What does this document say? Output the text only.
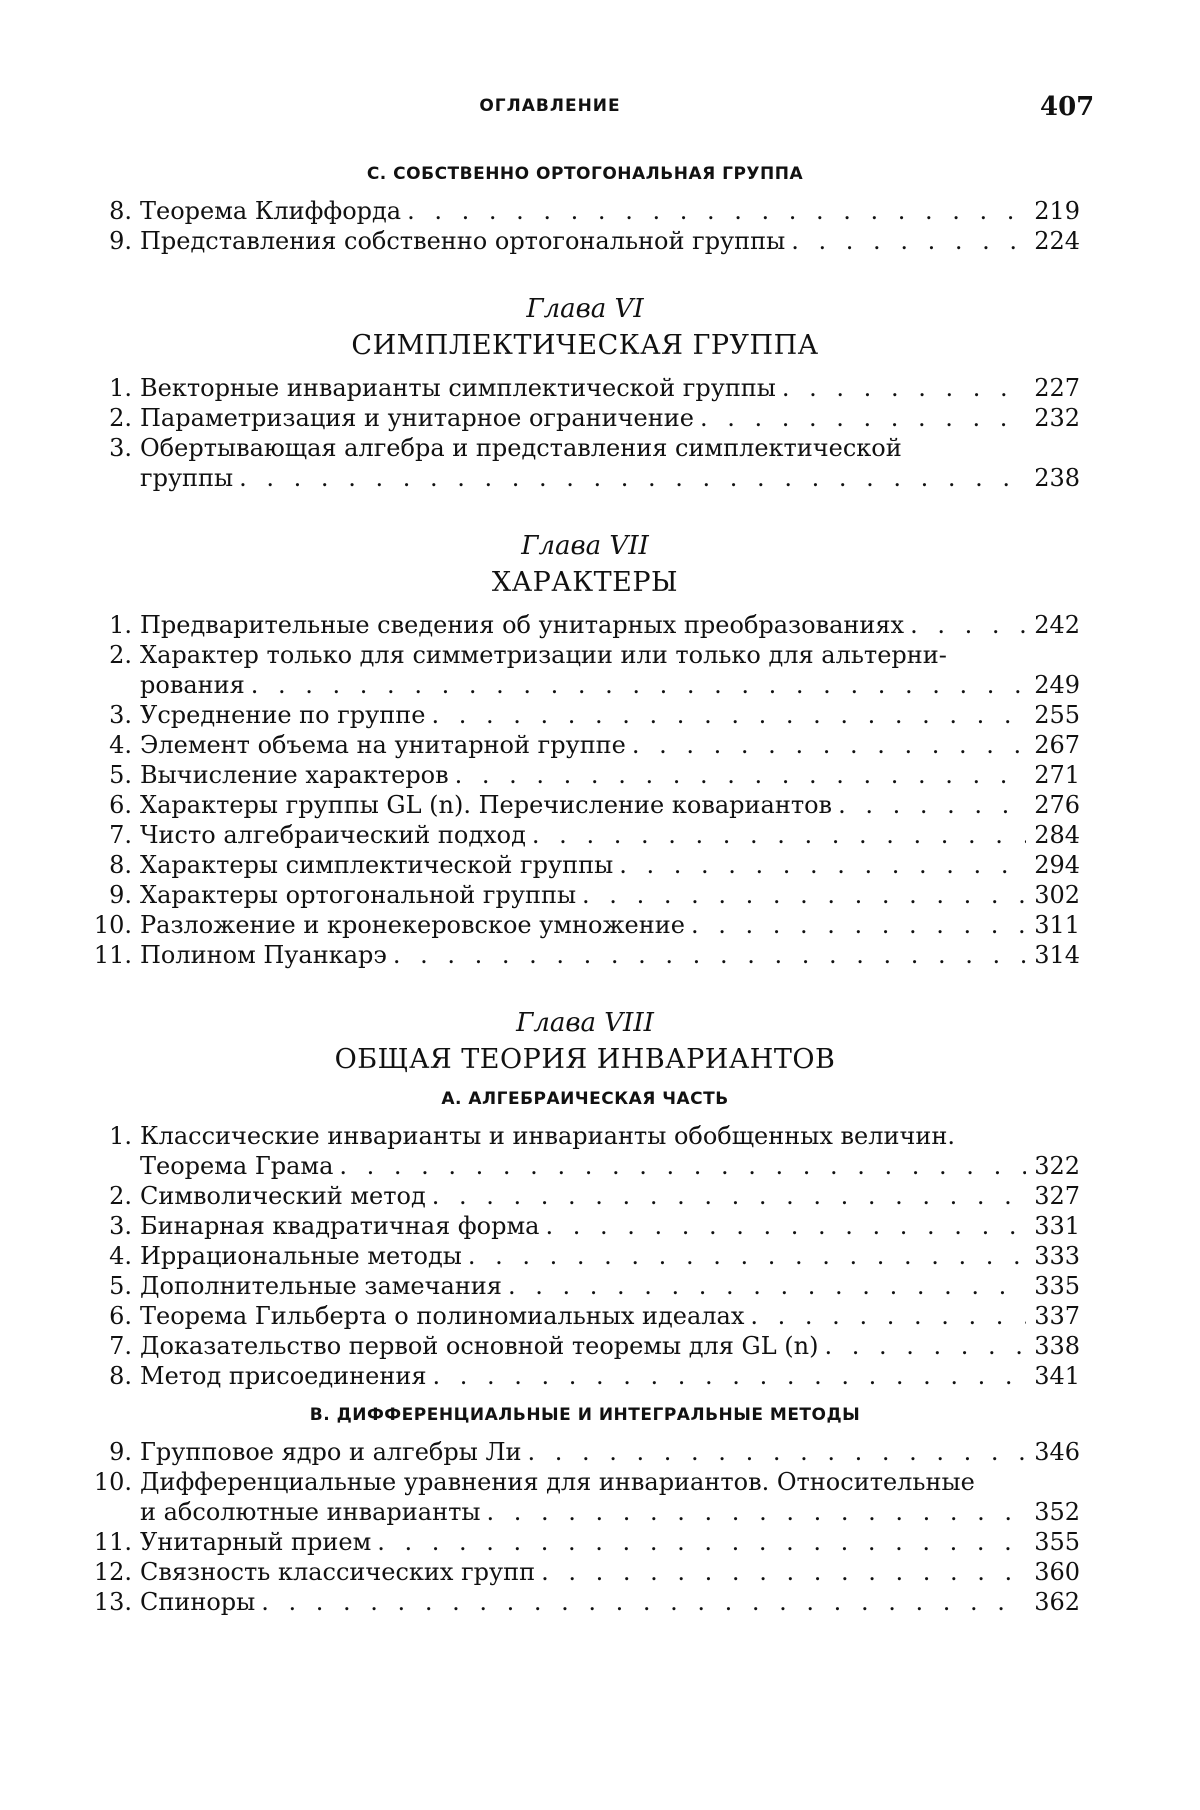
ОГЛАВЛЕНИЕ	407
С. СОБСТВЕННО ОРТОГОНАЛЬНАЯ ГРУППА
8. Теорема Клиффорда . . .	219
9. Представления собственно ортогональной группы . . .	224
Глава VI
СИМПЛЕКТИЧЕСКАЯ ГРУППА
1. Векторные инварианты симплектической группы . . .	227
2. Параметризация и унитарное ограничение . . .	232
3. Обертывающая алгебра и представления симплектической
группы . . .	238
Глава VII
ХАРАКТЕРЫ
1. Предварительные сведения об унитарных преобразованиях . . .	242
2. Характер только для симметризации или только для альтерни-
рования . . .	249
3. Усреднение по группе . . .	255
4. Элемент объема на унитарной группе . . .	267
5. Вычисление характеров . . .	271
6. Характеры группы GL (n). Перечисление ковариантов . . .	276
7. Чисто алгебраический подход . . .	284
8. Характеры симплектической группы . . .	294
9. Характеры ортогональной группы . . .	302
10. Разложение и кронекеровское умножение . . .	311
11. Полином Пуанкарэ . . .	314
Глава VIII
ОБЩАЯ ТЕОРИЯ ИНВАРИАНТОВ
А. АЛГЕБРАИЧЕСКАЯ ЧАСТЬ
1. Классические инварианты и инварианты обобщенных величин.
Теорема Грама . . .	322
2. Символический метод . . .	327
3. Бинарная квадратичная форма . . .	331
4. Иррациональные методы . . .	333
5. Дополнительные замечания . . .	335
6. Теорема Гильберта о полиномиальных идеалах . . .	337
7. Доказательство первой основной теоремы для GL (n) . . .	338
8. Метод присоединения . . .	341
В. ДИФФЕРЕНЦИАЛЬНЫЕ И ИНТЕГРАЛЬНЫЕ МЕТОДЫ
9. Групповое ядро и алгебры Ли . . .	346
10. Дифференциальные уравнения для инвариантов. Относительные
и абсолютные инварианты . . .	352
11. Унитарный прием . . .	355
12. Связность классических групп . . .	360
13. Спиноры . . .	362
